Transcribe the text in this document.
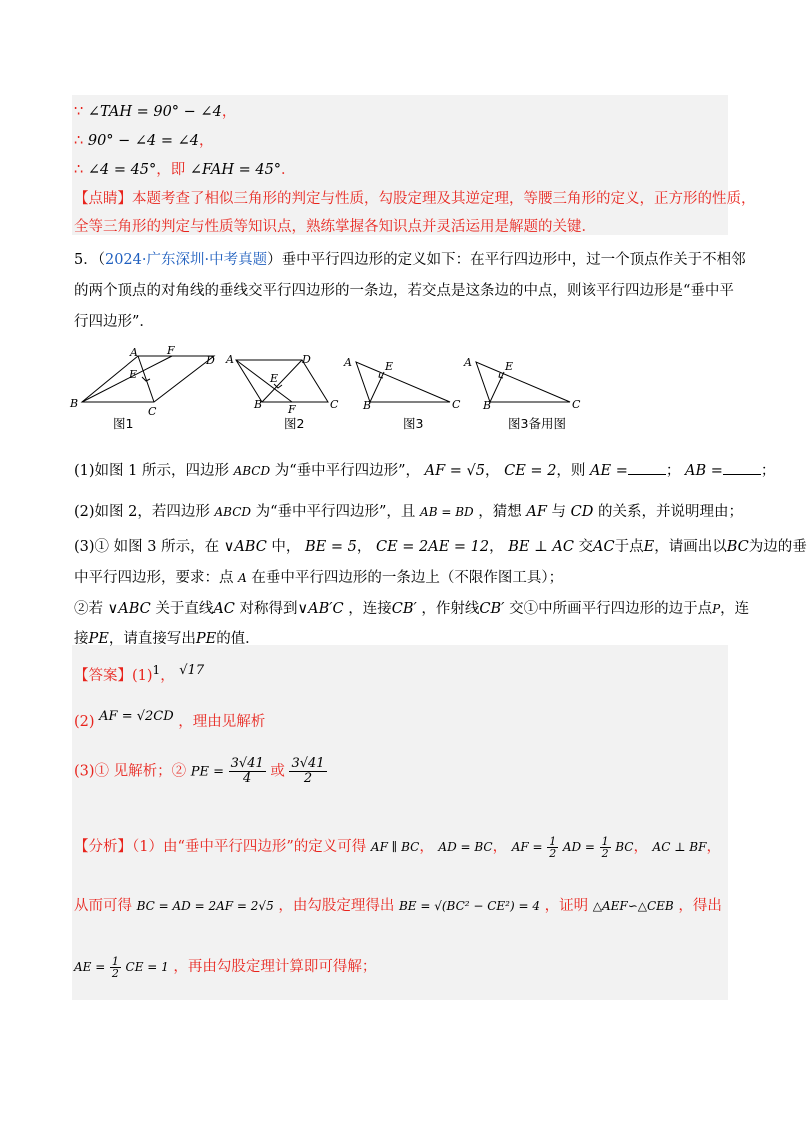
∵ ∠TAH = 90° − ∠4，
∴ 90° − ∠4 = ∠4，
∴ ∠4 = 45°，即 ∠FAH = 45°．
【点睛】本题考查了相似三角形的判定与性质，勾股定理及其逆定理，等腰三角形的定义，正方形的性质，
全等三角形的判定与性质等知识点，熟练掌握各知识点并灵活运用是解题的关键．
5．（2024·广东深圳·中考真题）垂中平行四边形的定义如下：在平行四边形中，过一个顶点作关于不相邻
的两个顶点的对角线的垂线交平行四边形的一条边，若交点是这条边的中点，则该平行四边形是“垂中平
行四边形”．
A	F
D
E
B
C
图1
A	D
E
B F	C
图2
A	E
B	C
图3
A	E
B	C
图3备用图
(1)如图 1 所示，四边形 ABCD 为“垂中平行四边形”， AF = √5， CE = 2，则 AE =	； AB =	；
(2)如图 2，若四边形 ABCD 为“垂中平行四边形”，且 AB = BD ，猜想 AF 与 CD 的关系，并说明理由；
(3)① 如图 3 所示，在 ∨ABC 中， BE = 5， CE = 2AE = 12， BE ⊥ AC 交AC于点E，请画出以BC为边的垂
中平行四边形，要求：点 A 在垂中平行四边形的一条边上（不限作图工具）；
②若 ∨ABC 关于直线AC 对称得到∨AB′C ，连接CB′ ，作射线CB′ 交①中所画平行四边形的边于点P，连
接PE，请直接写出PE的值．
【答案】$(1)^1$， √17
(2) AF = √2CD ，理由见解析
(3)① 见解析；② PE = $\frac{3√41}{4}$ 或 $\frac{3√41}{2}$
【分析】（1）由“垂中平行四边形”的定义可得 AF ∥ BC， AD = BC， AF = $\frac{1}{2}$ AD = $\frac{1}{2}$ BC， AC ⊥ BF，
从而可得 BC = AD = 2AF = 2√5 ，由勾股定理得出 BE = √(BC² − CE²) = 4 ，证明 △AEF∽△CEB ，得出
AE = $\frac{1}{2}$ CE = 1 ，再由勾股定理计算即可得解；
